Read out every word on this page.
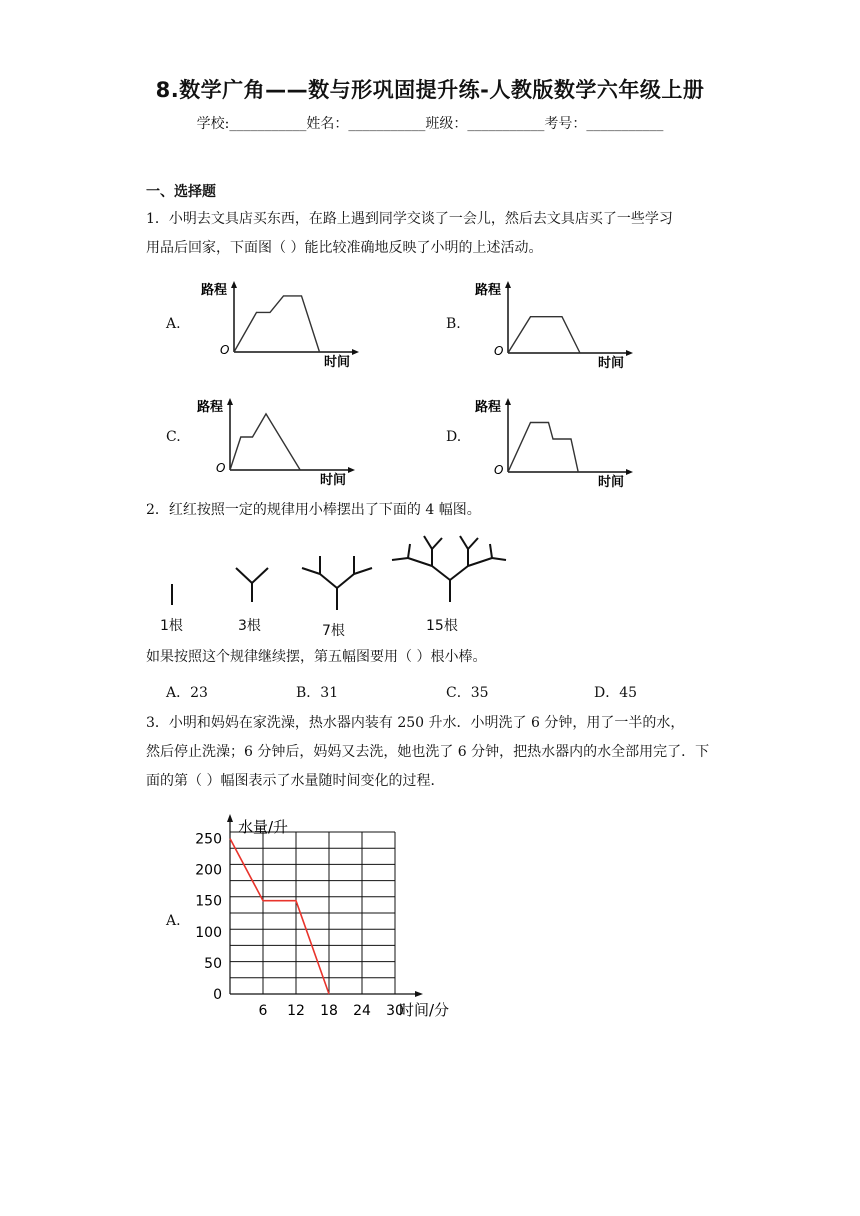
8.数学广角——数与形巩固提升练-人教版数学六年级上册
学校:___________姓名：___________班级：___________考号：___________
一、选择题
1．小明去文具店买东西，在路上遇到同学交谈了一会儿，然后去文具店买了一些学习
用品后回家，下面图（ ）能比较准确地反映了小明的上述活动。
A.	B.
C.	D.
路程
时间
O
路程
时间
O
路程
时间
O
路程
时间
O
2．红红按照一定的规律用小棒摆出了下面的 4 幅图。
1根	3根	7根	15根
如果按照这个规律继续摆，第五幅图要用（ ）根小棒。
A．23	B．31	C．35	D．45
3．小明和妈妈在家洗澡，热水器内装有 250 升水．小明洗了 6 分钟，用了一半的水，
然后停止洗澡；6 分钟后，妈妈又去洗，她也洗了 6 分钟，把热水器内的水全部用完了．下
面的第（ ）幅图表示了水量随时间变化的过程．
A.
水量/升
时间/分
0
50
100
150
200
250
6 12 18 24 30
